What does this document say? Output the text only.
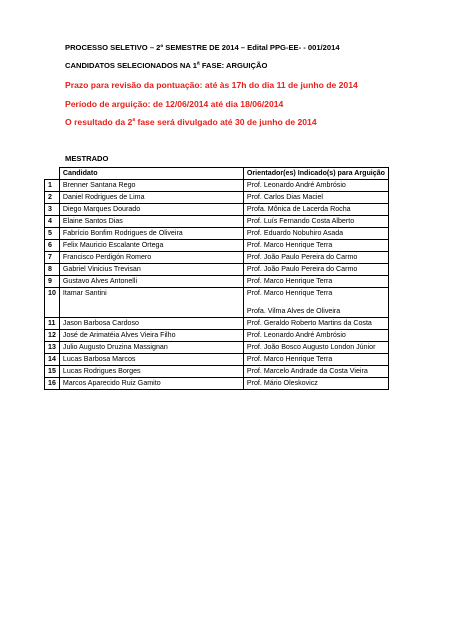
PROCESSO SELETIVO – 2º SEMESTRE DE 2014 – Edital PPG-EE- - 001/2014
CANDIDATOS SELECIONADOS NA 1$^a$ FASE: ARGUIÇÃO
Prazo para revisão da pontuação: até às 17h do dia 11 de junho de 2014
Período de arguição: de 12/06/2014 até dia 18/06/2014
O resultado da 2$^a$ fase será divulgado até 30 de junho de 2014
MESTRADO
	Candidato	Orientador(es) Indicado(s) para Arguição
1	Brenner Santana Rego	Prof. Leonardo André Ambrósio
2	Daniel Rodrigues de Lima	Prof. Carlos Dias Maciel
3	Diego Marques Dourado	Profa. Mônica de Lacerda Rocha
4	Elaine Santos Dias	Prof. Luís Fernando Costa Alberto
5	Fabrício Bonfim Rodrigues de Oliveira	Prof. Eduardo Nobuhiro Asada
6	Felix Mauricio Escalante Ortega	Prof. Marco Henrique Terra
7	Francisco Perdigón Romero	Prof. João Paulo Pereira do Carmo
8	Gabriel Vinicius Trevisan	Prof. João Paulo Pereira do Carmo
9	Gustavo Alves Antonelli	Prof. Marco Henrique Terra
10	Itamar Santini	Prof. Marco Henrique Terra
Profa. Vilma Alves de Oliveira

11	Jason Barbosa Cardoso	Prof. Geraldo Roberto Martins da Costa
12	José de Arimatéia Alves Vieira Filho	Prof. Leonardo André Ambrósio
13	Julio Augusto Druzina Massignan	Prof. João Bosco Augusto London Júnior
14	Lucas Barbosa Marcos	Prof. Marco Henrique Terra
15	Lucas Rodrigues Borges	Prof. Marcelo Andrade da Costa Vieira
16	Marcos Aparecido Ruiz Gamito	Prof. Mário Oleskovicz
